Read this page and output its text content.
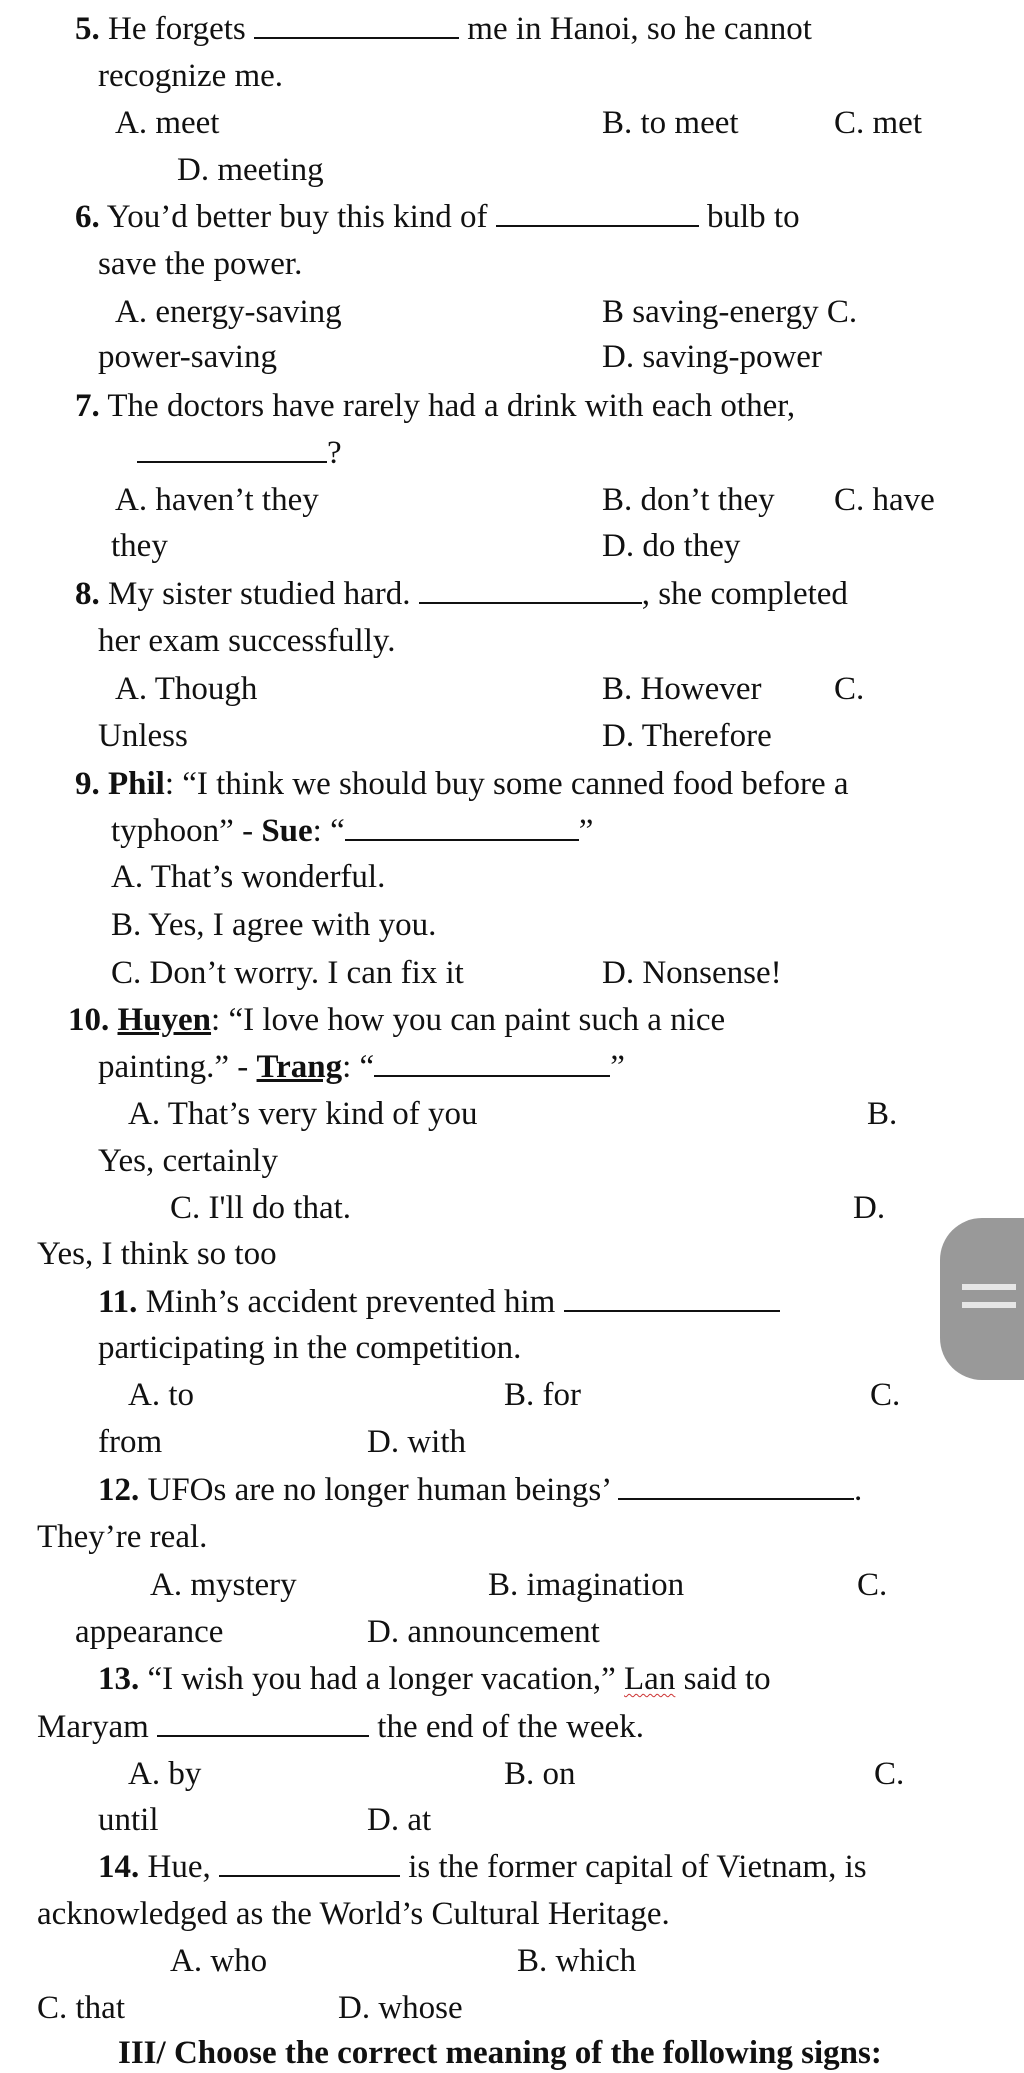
5. He forgets	me in Hanoi, so he cannot
recognize me.
A. meet	B. to meet	C. met
D. meeting
6. You’d better buy this kind of	bulb to
save the power.
A. energy-saving	B saving-energy C.
power-saving	D. saving-power
7. The doctors have rarely had a drink with each other,
?
A. haven’t they	B. don’t they C. have
they	D. do they
8. My sister studied hard.	, she completed
her exam successfully.
A. Though	B. However C.
Unless	D. Therefore
9. Phil: “I think we should buy some canned food before a
typhoon” - Sue: “	”
A. That’s wonderful.
B. Yes, I agree with you.
C. Don’t worry. I can fix it	D. Nonsense!
10. Huyen: “I love how you can paint such a nice
painting.” - Trang: “	”
A. That’s very kind of you	B.
Yes, certainly
C. I'll do that.	D.
Yes, I think so too
11. Minh’s accident prevented him
participating in the competition.
A. to	B. for	C.
from	D. with
12. UFOs are no longer human beings’	.
They’re real.
A. mystery	B. imagination	C.
appearance	D. announcement
13. “I wish you had a longer vacation,” Lan said to
Maryam	the end of the week.
A. by	B. on	C.
until	D. at
14. Hue,	is the former capital of Vietnam, is
acknowledged as the World’s Cultural Heritage.
A. who	B. which
C. that	D. whose
III/ Choose the correct meaning of the following signs:
